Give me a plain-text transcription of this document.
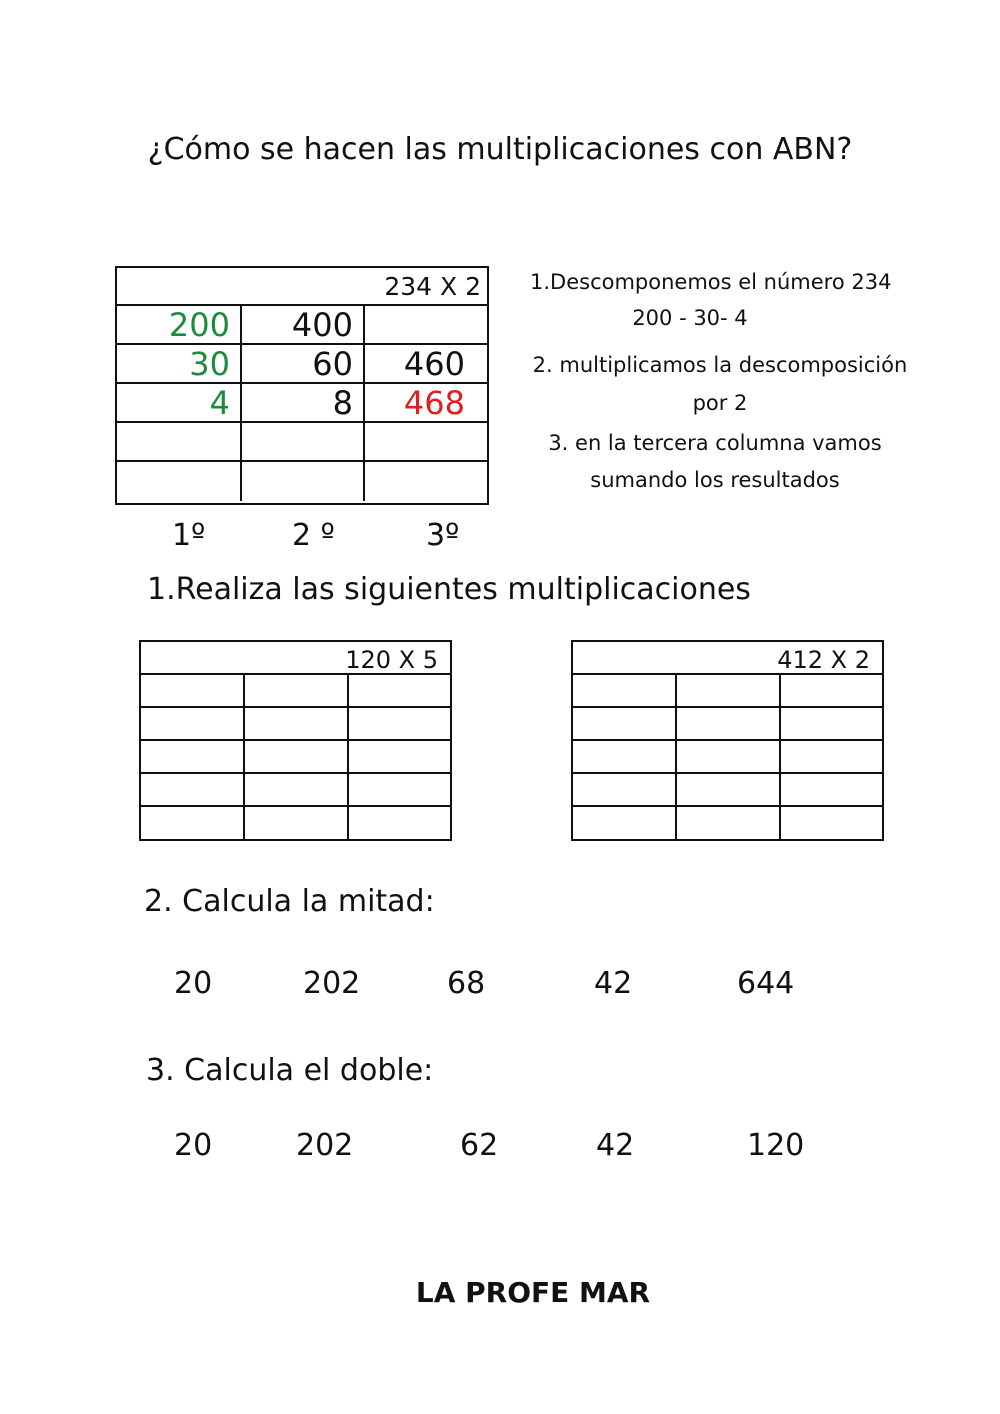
¿Cómo se hacen las multiplicaciones con ABN?
234 X 2
200	400
30	60	460
4	8	468
1º	2 º	3º
1.Descomponemos el número 234
200 - 30- 4
2. multiplicamos la descomposición
por 2
3. en la tercera columna vamos
sumando los resultados
1.Realiza las siguientes multiplicaciones
120 X 5	412 X 2
2. Calcula la mitad:
20	202	68	42	644
3. Calcula el doble:
20	202	62	42	120
LA PROFE MAR
